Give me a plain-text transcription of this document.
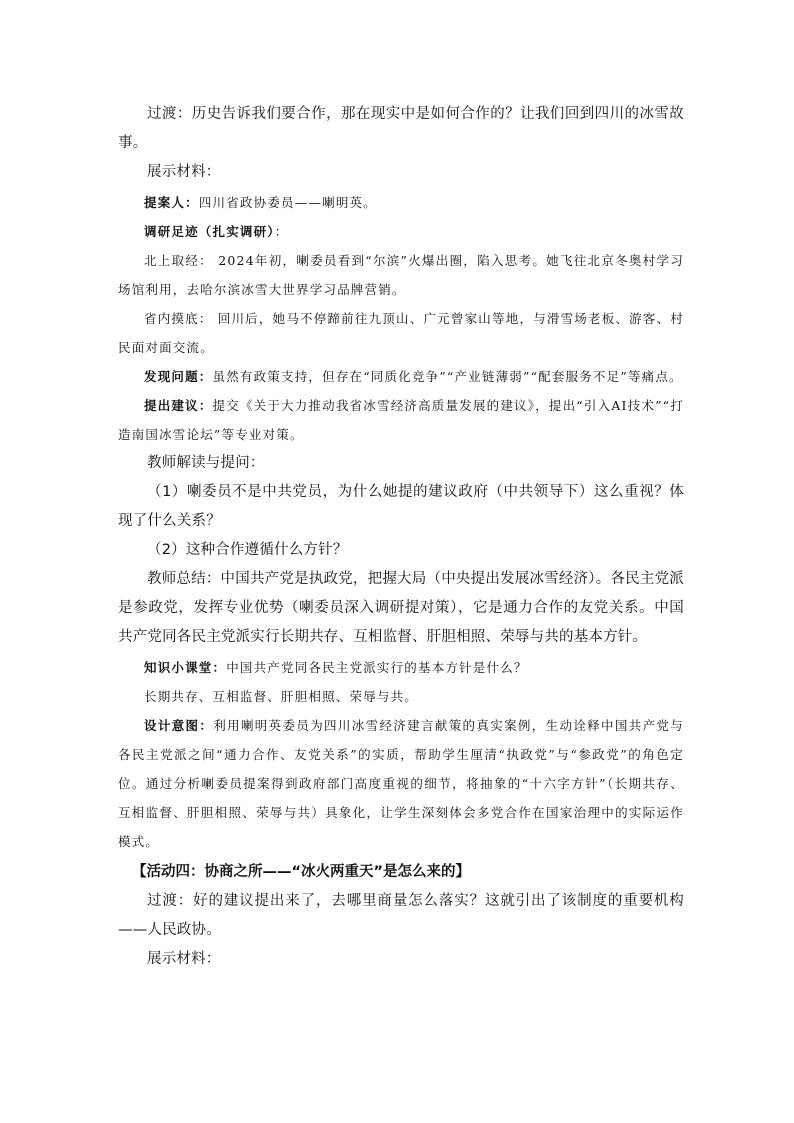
过渡：历史告诉我们要合作，那在现实中是如何合作的？让我们回到四川的冰雪故事。

展示材料：

提案人：四川省政协委员——喇明英。

调研足迹（扎实调研）：

北上取经： 2024年初，喇委员看到“尔滨”火爆出圈，陷入思考。她飞往北京冬奥村学习场馆利用，去哈尔滨冰雪大世界学习品牌营销。

省内摸底： 回川后，她马不停蹄前往九顶山、广元曾家山等地，与滑雪场老板、游客、村民面对面交流。

发现问题：虽然有政策支持，但存在“同质化竞争”“产业链薄弱”“配套服务不足”等痛点。

提出建议：提交《关于大力推动我省冰雪经济高质量发展的建议》，提出“引入AI技术”“打造南国冰雪论坛”等专业对策。

教师解读与提问：

（1）喇委员不是中共党员，为什么她提的建议政府（中共领导下）这么重视？体现了什么关系？

（2）这种合作遵循什么方针？

教师总结：中国共产党是执政党，把握大局（中央提出发展冰雪经济）。各民主党派是参政党，发挥专业优势（喇委员深入调研提对策），它是通力合作的友党关系。中国共产党同各民主党派实行长期共存、互相监督、肝胆相照、荣辱与共的基本方针。

知识小课堂：中国共产党同各民主党派实行的基本方针是什么？

长期共存、互相监督、肝胆相照、荣辱与共。

设计意图：利用喇明英委员为四川冰雪经济建言献策的真实案例，生动诠释中国共产党与各民主党派之间“通力合作、友党关系”的实质，帮助学生厘清“执政党”与“参政党”的角色定位。通过分析喇委员提案得到政府部门高度重视的细节，将抽象的“十六字方针”（长期共存、互相监督、肝胆相照、荣辱与共）具象化，让学生深刻体会多党合作在国家治理中的实际运作模式。

【活动四：协商之所——“冰火两重天”是怎么来的】

过渡：好的建议提出来了，去哪里商量怎么落实？这就引出了该制度的重要机构——人民政协。

展示材料：
